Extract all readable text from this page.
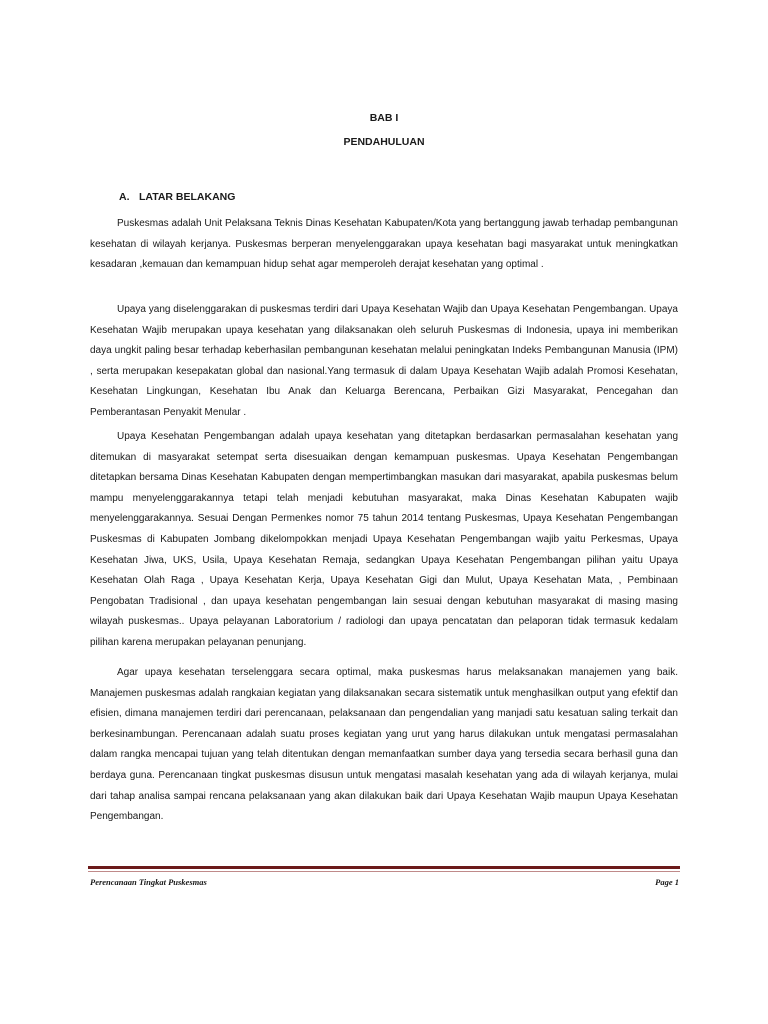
BAB I
PENDAHULUAN
A. LATAR BELAKANG

Puskesmas adalah Unit Pelaksana Teknis Dinas Kesehatan Kabupaten/Kota yang bertanggung jawab terhadap pembangunan kesehatan di wilayah kerjanya. Puskesmas berperan menyelenggarakan upaya kesehatan bagi masyarakat untuk meningkatkan kesadaran ,kemauan dan kemampuan hidup sehat agar memperoleh derajat kesehatan yang optimal .

Upaya yang diselenggarakan di puskesmas terdiri dari Upaya Kesehatan Wajib dan Upaya Kesehatan Pengembangan. Upaya Kesehatan Wajib merupakan upaya kesehatan yang dilaksanakan oleh seluruh Puskesmas di Indonesia, upaya ini memberikan daya ungkit paling besar terhadap keberhasilan pembangunan kesehatan melalui peningkatan Indeks Pembangunan Manusia (IPM) , serta merupakan kesepakatan global dan nasional.Yang termasuk di dalam Upaya Kesehatan Wajib adalah Promosi Kesehatan, Kesehatan Lingkungan, Kesehatan Ibu Anak dan Keluarga Berencana, Perbaikan Gizi Masyarakat, Pencegahan dan Pemberantasan Penyakit Menular .

Upaya Kesehatan Pengembangan adalah upaya kesehatan yang ditetapkan berdasarkan permasalahan kesehatan yang ditemukan di masyarakat setempat serta disesuaikan dengan kemampuan puskesmas. Upaya Kesehatan Pengembangan ditetapkan bersama Dinas Kesehatan Kabupaten dengan mempertimbangkan masukan dari masyarakat, apabila puskesmas belum mampu menyelenggarakannya tetapi telah menjadi kebutuhan masyarakat, maka Dinas Kesehatan Kabupaten wajib menyelenggarakannya. Sesuai Dengan Permenkes nomor 75 tahun 2014 tentang Puskesmas, Upaya Kesehatan Pengembangan Puskesmas di Kabupaten Jombang dikelompokkan menjadi Upaya Kesehatan Pengembangan wajib yaitu Perkesmas, Upaya Kesehatan Jiwa, UKS, Usila, Upaya Kesehatan Remaja, sedangkan Upaya Kesehatan Pengembangan pilihan yaitu Upaya Kesehatan Olah Raga , Upaya Kesehatan Kerja, Upaya Kesehatan Gigi dan Mulut, Upaya Kesehatan Mata, , Pembinaan Pengobatan Tradisional , dan upaya kesehatan pengembangan lain sesuai dengan kebutuhan masyarakat di masing masing wilayah puskesmas.. Upaya pelayanan Laboratorium / radiologi dan upaya pencatatan dan pelaporan tidak termasuk kedalam pilihan karena merupakan pelayanan penunjang.

Agar upaya kesehatan terselenggara secara optimal, maka puskesmas harus melaksanakan manajemen yang baik. Manajemen puskesmas adalah rangkaian kegiatan yang dilaksanakan secara sistematik untuk menghasilkan output yang efektif dan efisien, dimana manajemen terdiri dari perencanaan, pelaksanaan dan pengendalian yang manjadi satu kesatuan saling terkait dan berkesinambungan. Perencanaan adalah suatu proses kegiatan yang urut yang harus dilakukan untuk mengatasi permasalahan dalam rangka mencapai tujuan yang telah ditentukan dengan memanfaatkan sumber daya yang tersedia secara berhasil guna dan berdaya guna. Perencanaan tingkat puskesmas disusun untuk mengatasi masalah kesehatan yang ada di wilayah kerjanya, mulai dari tahap analisa sampai rencana pelaksanaan yang akan dilakukan baik dari Upaya Kesehatan Wajib maupun Upaya Kesehatan Pengembangan.

Perencanaan Tingkat Puskesmas	Page 1
